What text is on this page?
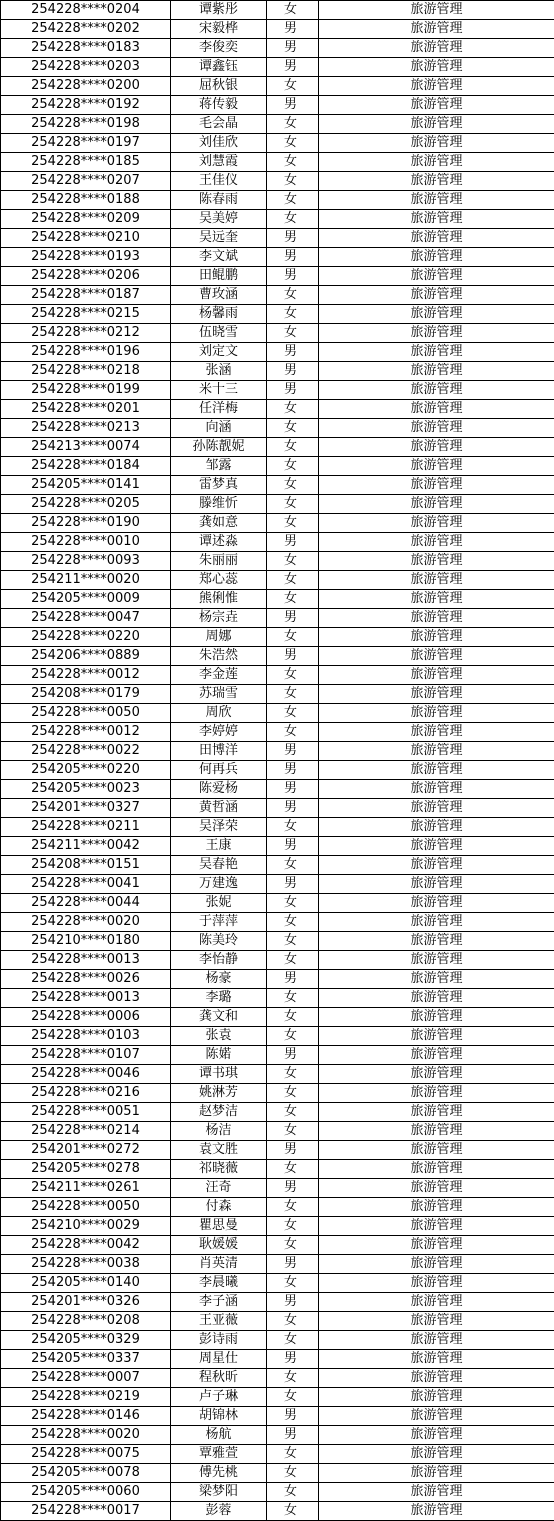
254228****0204	谭紫彤	女	旅游管理
254228****0202	宋毅桦	男	旅游管理
254228****0183	李俊奕	男	旅游管理
254228****0203	谭鑫钰	男	旅游管理
254228****0200	屈秋银	女	旅游管理
254228****0192	蒋传毅	男	旅游管理
254228****0198	毛会晶	女	旅游管理
254228****0197	刘佳欣	女	旅游管理
254228****0185	刘慧霞	女	旅游管理
254228****0207	王佳仪	女	旅游管理
254228****0188	陈春雨	女	旅游管理
254228****0209	吴美婷	女	旅游管理
254228****0210	吴远奎	男	旅游管理
254228****0193	李文斌	男	旅游管理
254228****0206	田鲲鹏	男	旅游管理
254228****0187	曹玫涵	女	旅游管理
254228****0215	杨馨雨	女	旅游管理
254228****0212	伍晓雪	女	旅游管理
254228****0196	刘定文	男	旅游管理
254228****0218	张涵	男	旅游管理
254228****0199	米十三	男	旅游管理
254228****0201	任洋梅	女	旅游管理
254228****0213	向涵	女	旅游管理
254213****0074	孙陈靓妮	女	旅游管理
254228****0184	邹露	女	旅游管理
254205****0141	雷梦真	女	旅游管理
254228****0205	滕维忻	女	旅游管理
254228****0190	龚如意	女	旅游管理
254228****0010	谭述淼	男	旅游管理
254228****0093	朱丽丽	女	旅游管理
254211****0020	郑心蕊	女	旅游管理
254205****0009	熊俐惟	女	旅游管理
254228****0047	杨宗垚	男	旅游管理
254228****0220	周娜	女	旅游管理
254206****0889	朱浩然	男	旅游管理
254228****0012	李金莲	女	旅游管理
254208****0179	苏瑞雪	女	旅游管理
254228****0050	周欣	女	旅游管理
254228****0012	李婷婷	女	旅游管理
254228****0022	田博洋	男	旅游管理
254205****0220	何再兵	男	旅游管理
254205****0023	陈爱杨	男	旅游管理
254201****0327	黄哲涵	男	旅游管理
254228****0211	吴泽荣	女	旅游管理
254211****0042	王康	男	旅游管理
254208****0151	吴春艳	女	旅游管理
254228****0041	万建逸	男	旅游管理
254228****0044	张妮	女	旅游管理
254228****0020	于萍萍	女	旅游管理
254210****0180	陈美玲	女	旅游管理
254228****0013	李怡静	女	旅游管理
254228****0026	杨豪	男	旅游管理
254228****0013	李璐	女	旅游管理
254228****0006	龚文和	女	旅游管理
254228****0103	张袁	女	旅游管理
254228****0107	陈婼	男	旅游管理
254228****0046	谭书琪	女	旅游管理
254228****0216	姚淋芳	女	旅游管理
254228****0051	赵梦洁	女	旅游管理
254228****0214	杨洁	女	旅游管理
254201****0272	袁文胜	男	旅游管理
254205****0278	祁晓薇	女	旅游管理
254211****0261	汪奇	男	旅游管理
254228****0050	付森	女	旅游管理
254210****0029	瞿思曼	女	旅游管理
254228****0042	耿媛媛	女	旅游管理
254228****0038	肖英清	男	旅游管理
254205****0140	李晨曦	女	旅游管理
254201****0326	李子涵	男	旅游管理
254228****0208	王亚薇	女	旅游管理
254205****0329	彭诗雨	女	旅游管理
254205****0337	周星仕	男	旅游管理
254228****0007	程秋昕	女	旅游管理
254228****0219	卢子琳	女	旅游管理
254228****0146	胡锦林	男	旅游管理
254228****0020	杨航	男	旅游管理
254228****0075	覃雅萱	女	旅游管理
254205****0078	傅先桃	女	旅游管理
254205****0060	梁梦阳	女	旅游管理
254228****0017	彭蓉	女	旅游管理
